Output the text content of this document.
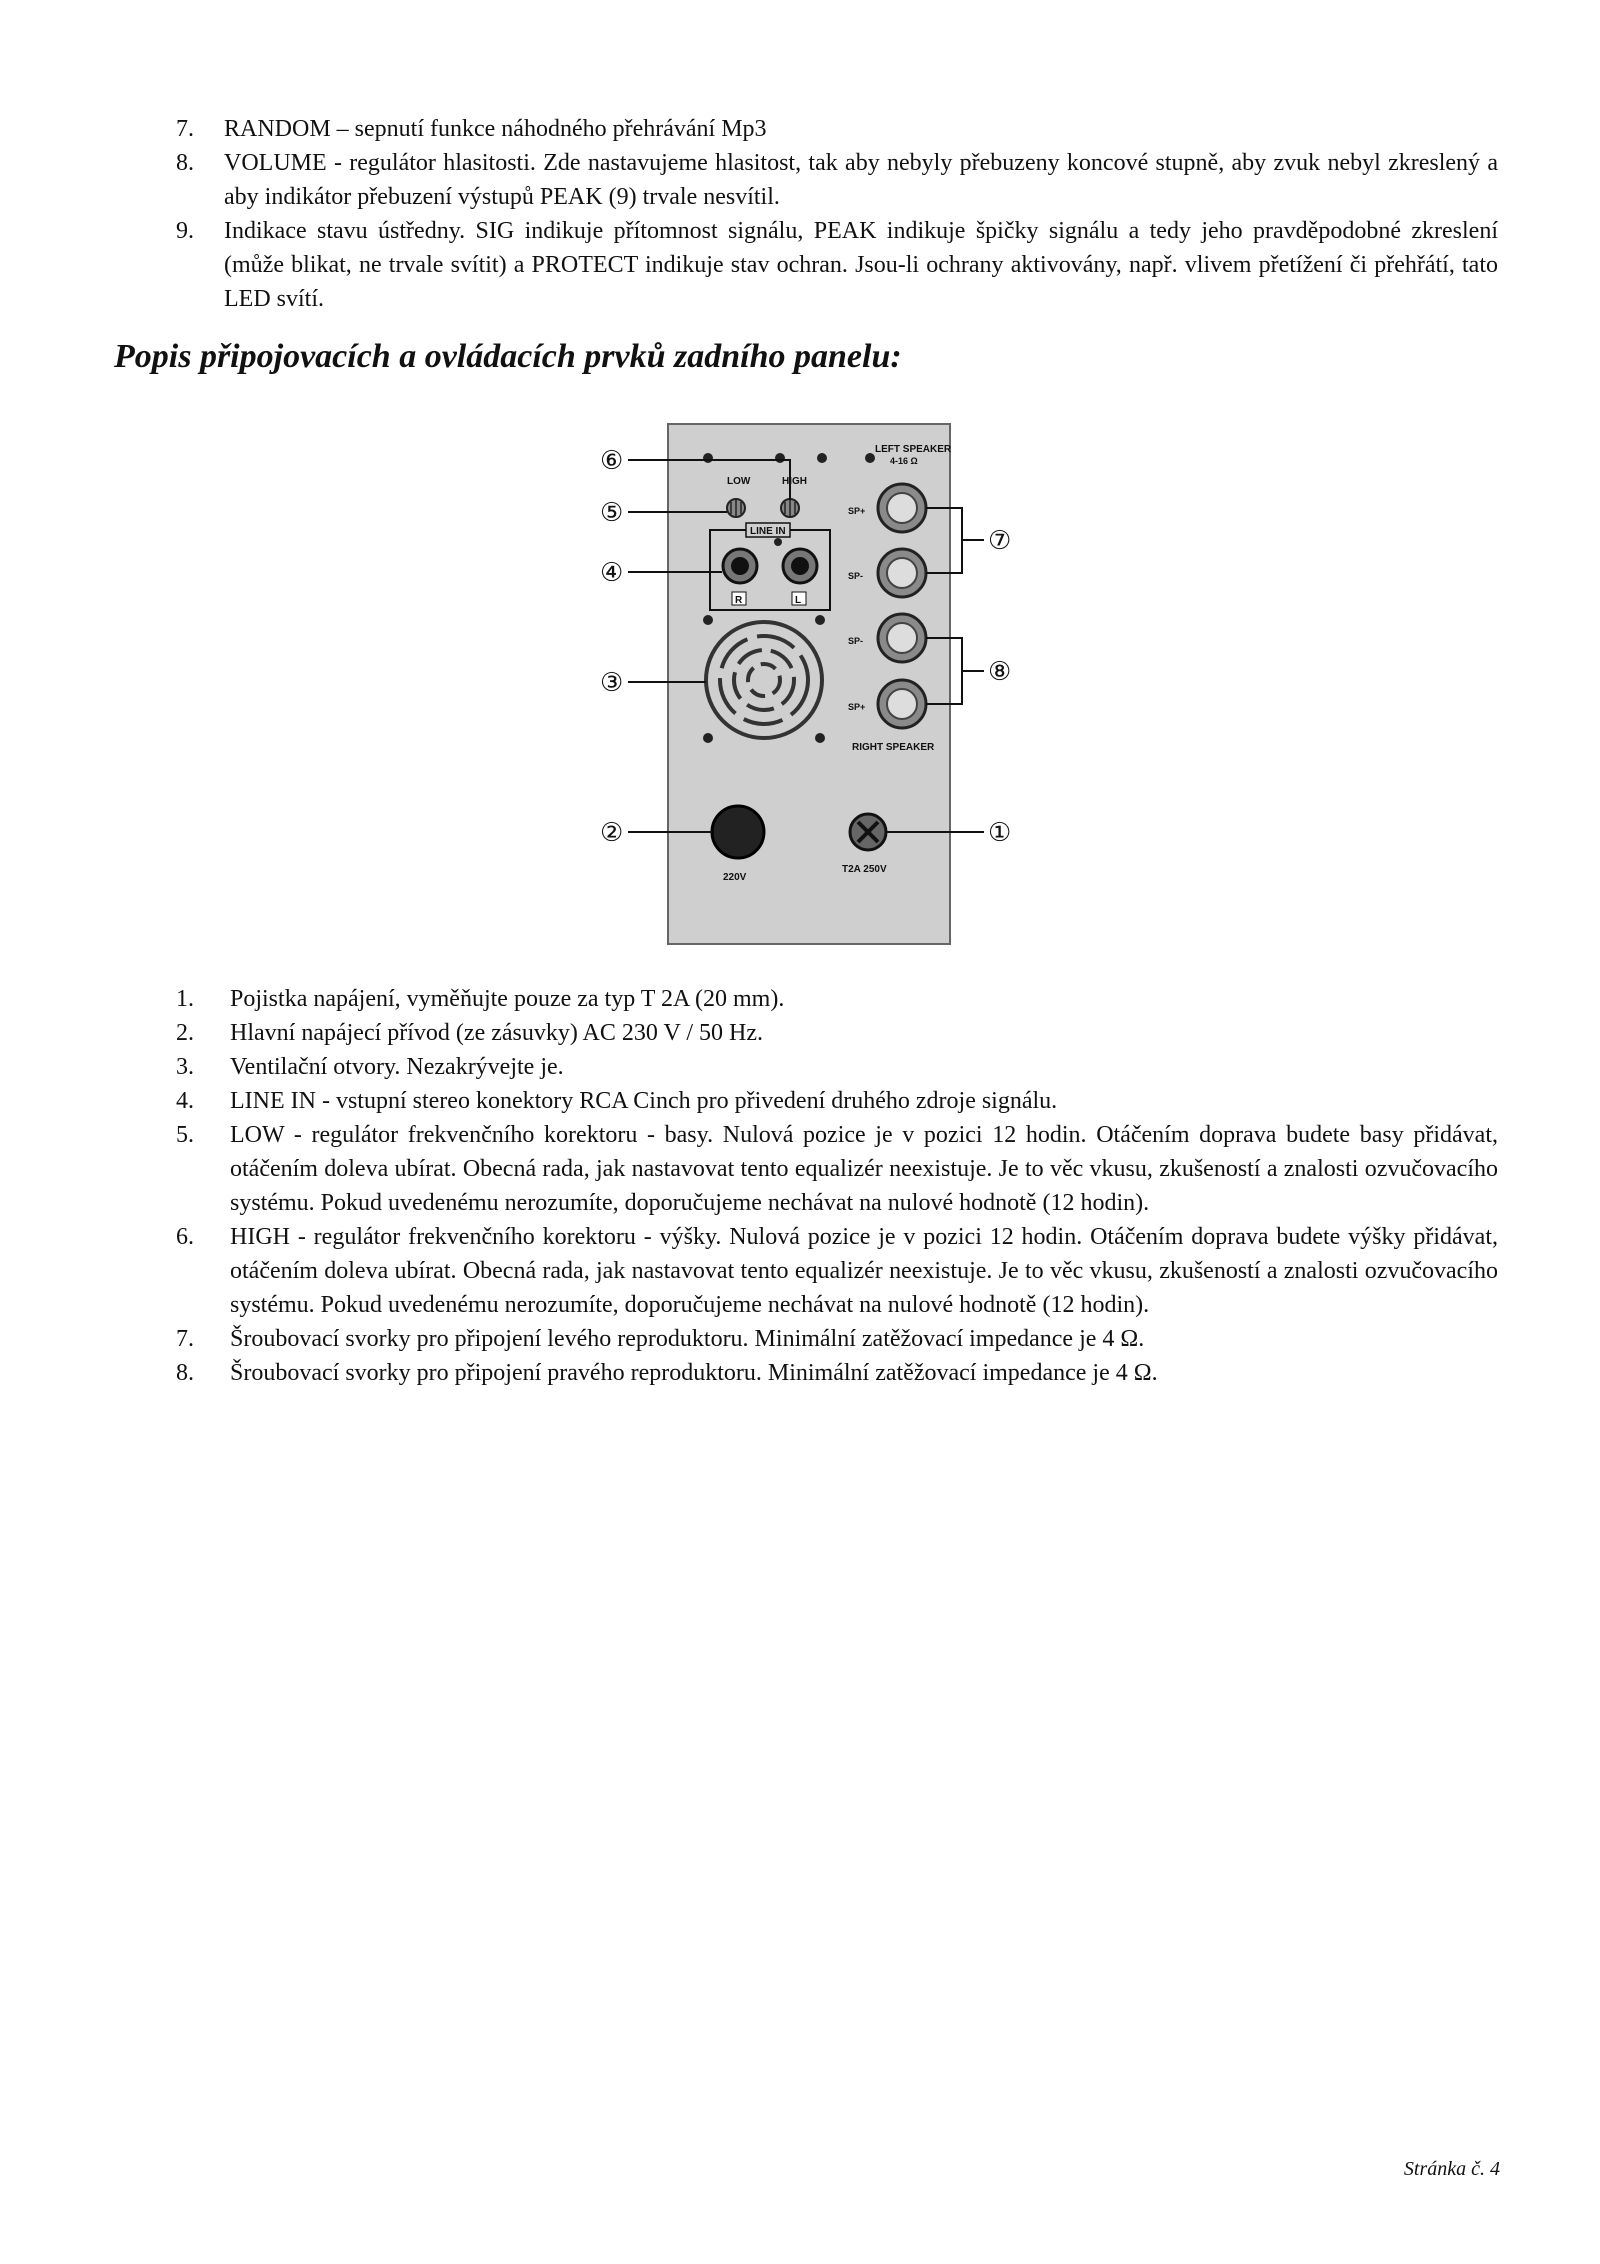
7. RANDOM – sepnutí funkce náhodného přehrávání Mp3
8. VOLUME - regulátor hlasitosti. Zde nastavujeme hlasitost, tak aby nebyly přebuzeny koncové stupně, aby zvuk nebyl zkreslený a aby indikátor přebuzení výstupů PEAK (9) trvale nesvítil.
9. Indikace stavu ústředny. SIG indikuje přítomnost signálu, PEAK indikuje špičky signálu a tedy jeho pravděpodobné zkreslení (může blikat, ne trvale svítit) a PROTECT indikuje stav ochran. Jsou-li ochrany aktivovány, např. vlivem přetížení či přehřátí, tato LED svítí.
Popis připojovacích a ovládacích prvků zadního panelu:
LOW	HIGH
LINE IN
R	L
LEFT SPEAKER
4-16 Ω
SP+
SP-
SP-
SP+
RIGHT SPEAKER
220V
T2A 250V
⑥
⑤
④
③
②	①
⑦
⑧
1. Pojistka napájení, vyměňujte pouze za typ T 2A (20 mm).
2. Hlavní napájecí přívod (ze zásuvky) AC 230 V / 50 Hz.
3. Ventilační otvory. Nezakrývejte je.
4. LINE IN - vstupní stereo konektory RCA Cinch pro přivedení druhého zdroje signálu.
5. LOW - regulátor frekvenčního korektoru - basy. Nulová pozice je v pozici 12 hodin. Otáčením doprava budete basy přidávat, otáčením doleva ubírat. Obecná rada, jak nastavovat tento equalizér neexistuje. Je to věc vkusu, zkušeností a znalosti ozvučovacího systému. Pokud uvedenému nerozumíte, doporučujeme nechávat na nulové hodnotě (12 hodin).
6. HIGH - regulátor frekvenčního korektoru - výšky. Nulová pozice je v pozici 12 hodin. Otáčením doprava budete výšky přidávat, otáčením doleva ubírat. Obecná rada, jak nastavovat tento equalizér neexistuje. Je to věc vkusu, zkušeností a znalosti ozvučovacího systému. Pokud uvedenému nerozumíte, doporučujeme nechávat na nulové hodnotě (12 hodin).
7. Šroubovací svorky pro připojení levého reproduktoru. Minimální zatěžovací impedance je 4 Ω.
8. Šroubovací svorky pro připojení pravého reproduktoru. Minimální zatěžovací impedance je 4 Ω.
Stránka č. 4
